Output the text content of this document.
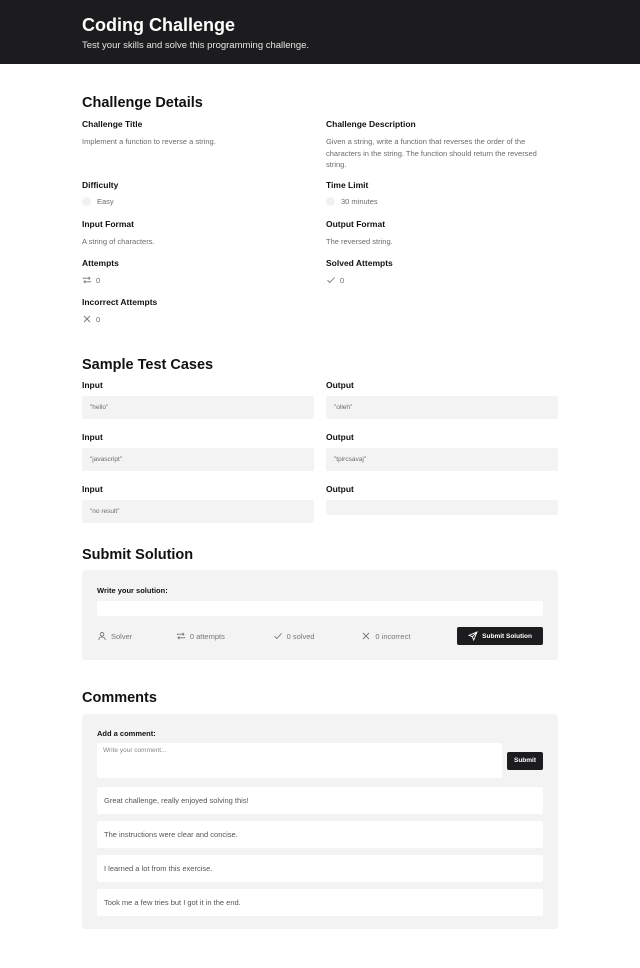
Coding Challenge

Test your skills and solve this programming challenge.

Challenge Details
Challenge Title
Implement a function to reverse a string.
Challenge Description
Given a string, write a function that reverses the order of the characters in the string. The function should return the reversed string.
Difficulty
Easy
Time Limit
30 minutes
Input Format
A string of characters.
Output Format
The reversed string.
Attempts
0
Solved Attempts
0
Incorrect Attempts
0
Sample Test Cases
Input
"hello"
Output
"olleh"
Input
"javascript"
Output
"tpircsavaj"
Input
"no result"
Output
Submit Solution
Write your solution:
Solver	0 attempts	0 solved	0 incorrect	Submit Solution
Comments
Add a comment:
Write your comment...
Submit
Great challenge, really enjoyed solving this!
The instructions were clear and concise.
I learned a lot from this exercise.
Took me a few tries but I got it in the end.
